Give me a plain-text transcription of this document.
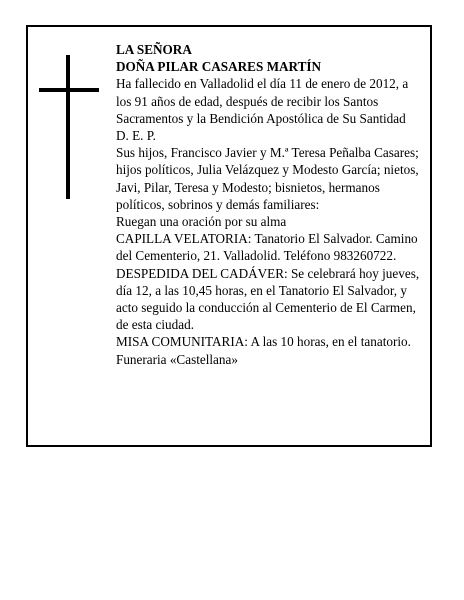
LA SEÑORA

DOÑA PILAR CASARES MARTÍN

Ha fallecido en Valladolid el día 11 de enero de 2012, a los 91 años de edad, después de recibir los Santos Sacramentos y la Bendición Apostólica de Su Santidad

D. E. P.

Sus hijos, Francisco Javier y M.ª Teresa Peñalba Casares; hijos políticos, Julia Velázquez y Modesto García; nietos, Javi, Pilar, Teresa y Modesto; bisnietos, hermanos políticos, sobrinos y demás familiares:

Ruegan una oración por su alma

CAPILLA VELATORIA: Tanatorio El Salvador. Camino del Cementerio, 21. Valladolid. Teléfono 983260722.

DESPEDIDA DEL CADÁVER: Se celebrará hoy jueves, día 12, a las 10,45 horas, en el Tanatorio El Salvador, y acto seguido la conducción al Cementerio de El Carmen, de esta ciudad.

MISA COMUNITARIA: A las 10 horas, en el tanatorio.

Funeraria «Castellana»
